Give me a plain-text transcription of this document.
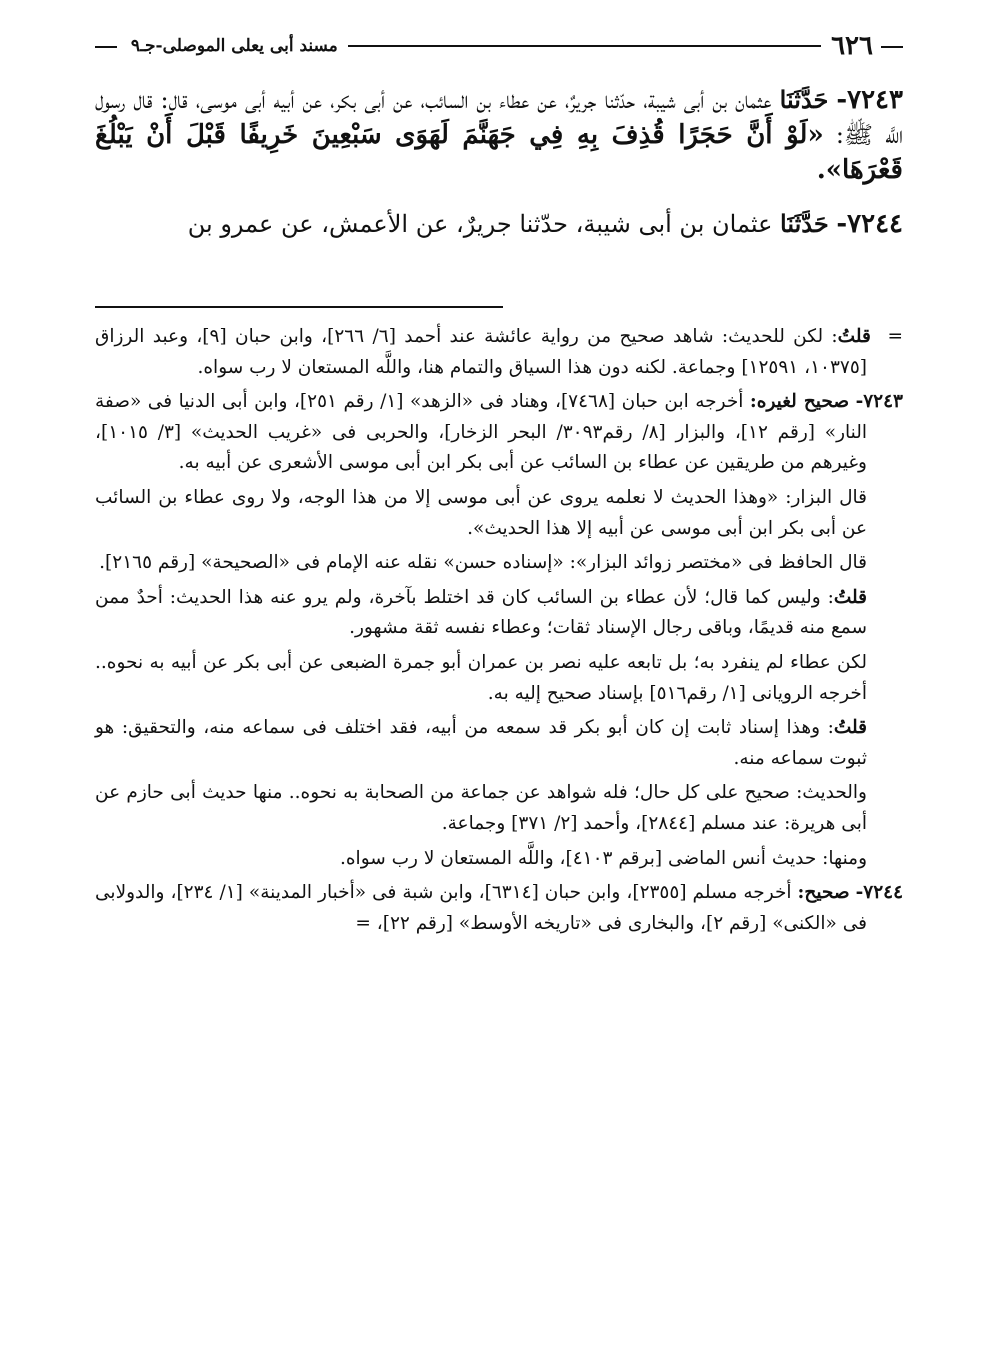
٦٢٦
مسند أبى يعلى الموصلى-جـ٩

٧٢٤٣- حَدَّثَنَا عثمان بن أبى شيبة، حدّثنا جريرٌ، عن عطاء بن السائب، عن أبى بكر، عن أبيه أبى موسى، قال: قال رسول اللَّه ﷺ: «لَوْ أَنَّ حَجَرًا قُذِفَ بِهِ فِي جَهَنَّمَ لَهَوَى سَبْعِينَ خَرِيفًا قَبْلَ أَنْ يَبْلُغَ قَعْرَهَا».

٧٢٤٤- حَدَّثَنَا عثمان بن أبى شيبة، حدّثنا جريرٌ، عن الأعمش، عن عمرو بن

=  قلتُ: لكن للحديث: شاهد صحيح من رواية عائشة عند أحمد [٦/ ٢٦٦]، وابن حبان [٩]، وعبد الرزاق [١٠٣٧٥، ١٢٥٩١] وجماعة. لكنه دون هذا السياق والتمام هنا، واللَّه المستعان لا رب سواه.

٧٢٤٣- صحيح لغيره: أخرجه ابن حبان [٧٤٦٨]، وهناد فى «الزهد» [١/ رقم ٢٥١]، وابن أبى الدنيا فى «صفة النار» [رقم ١٢]، والبزار [٨/ رقم٣٠٩٣/ البحر الزخار]، والحربى فى «غريب الحديث» [٣/ ١٠١٥]، وغيرهم من طريقين عن عطاء بن السائب عن أبى بكر ابن أبى موسى الأشعرى عن أبيه به.

قال البزار: «وهذا الحديث لا نعلمه يروى عن أبى موسى إلا من هذا الوجه، ولا روى عطاء بن السائب عن أبى بكر ابن أبى موسى عن أبيه إلا هذا الحديث».

قال الحافظ فى «مختصر زوائد البزار»: «إسناده حسن» نقله عنه الإمام فى «الصحيحة» [رقم ٢١٦٥].

قلتُ: وليس كما قال؛ لأن عطاء بن السائب كان قد اختلط بآخرة، ولم يرو عنه هذا الحديث: أحدٌ ممن سمع منه قديمًا، وباقى رجال الإسناد ثقات؛ وعطاء نفسه ثقة مشهور.

لكن عطاء لم ينفرد به؛ بل تابعه عليه نصر بن عمران أبو جمرة الضبعى عن أبى بكر عن أبيه به نحوه.. أخرجه الرويانى [١/ رقم٥١٦] بإسناد صحيح إليه به.

قلتُ: وهذا إسناد ثابت إن كان أبو بكر قد سمعه من أبيه، فقد اختلف فى سماعه منه، والتحقيق: هو ثبوت سماعه منه.

والحديث: صحيح على كل حال؛ فله شواهد عن جماعة من الصحابة به نحوه.. منها حديث أبى حازم عن أبى هريرة: عند مسلم [٢٨٤٤]، وأحمد [٢/ ٣٧١] وجماعة.

ومنها: حديث أنس الماضى [برقم ٤١٠٣]، واللَّه المستعان لا رب سواه.

٧٢٤٤- صحيح: أخرجه مسلم [٢٣٥٥]، وابن حبان [٦٣١٤]، وابن شبة فى «أخبار المدينة» [١/ ٢٣٤]، والدولابى فى «الكنى» [رقم ٢]، والبخارى فى «تاريخه الأوسط» [رقم ٢٢]، =
